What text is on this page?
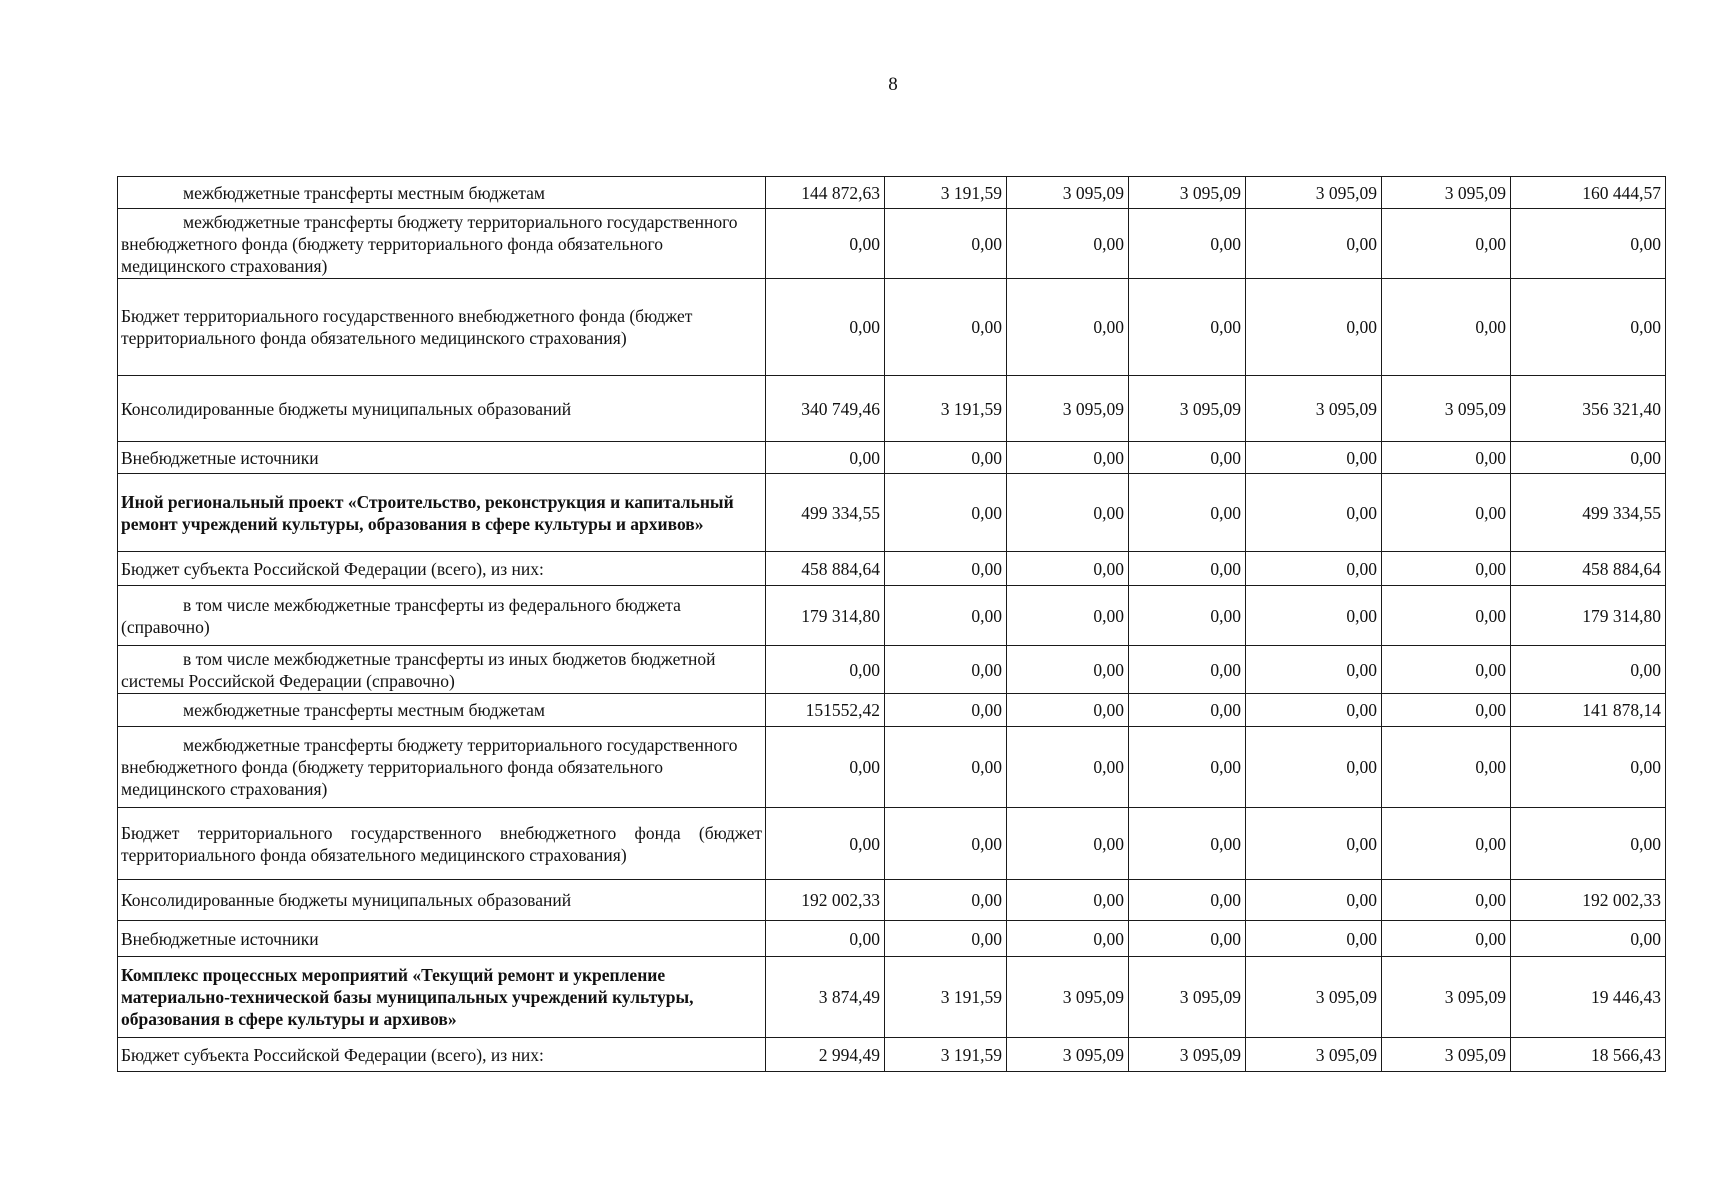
8
межбюджетные трансферты местным бюджетам	144 872,63	3 191,59	3 095,09	3 095,09	3 095,09	3 095,09	160 444,57
межбюджетные трансферты бюджету территориального государственного внебюджетного фонда (бюджету территориального фонда обязательного медицинского страхования)	0,00	0,00	0,00	0,00	0,00	0,00	0,00
Бюджет территориального государственного внебюджетного фонда (бюджет территориального фонда обязательного медицинского страхования)	0,00	0,00	0,00	0,00	0,00	0,00	0,00
Консолидированные бюджеты муниципальных образований	340 749,46	3 191,59	3 095,09	3 095,09	3 095,09	3 095,09	356 321,40
Внебюджетные источники	0,00	0,00	0,00	0,00	0,00	0,00	0,00
Иной региональный проект «Строительство, реконструкция и капитальный ремонт учреждений культуры, образования в сфере культуры и архивов»	499 334,55	0,00	0,00	0,00	0,00	0,00	499 334,55
Бюджет субъекта Российской Федерации (всего), из них:	458 884,64	0,00	0,00	0,00	0,00	0,00	458 884,64
в том числе межбюджетные трансферты из федерального бюджета (справочно)	179 314,80	0,00	0,00	0,00	0,00	0,00	179 314,80
в том числе межбюджетные трансферты из иных бюджетов бюджетной системы Российской Федерации (справочно)	0,00	0,00	0,00	0,00	0,00	0,00	0,00
межбюджетные трансферты местным бюджетам	151552,42	0,00	0,00	0,00	0,00	0,00	141 878,14
межбюджетные трансферты бюджету территориального государственного внебюджетного фонда (бюджету территориального фонда обязательного медицинского страхования)	0,00	0,00	0,00	0,00	0,00	0,00	0,00
Бюджет территориального государственного внебюджетного фонда (бюджет территориального фонда обязательного медицинского страхования)	0,00	0,00	0,00	0,00	0,00	0,00	0,00
Консолидированные бюджеты муниципальных образований	192 002,33	0,00	0,00	0,00	0,00	0,00	192 002,33
Внебюджетные источники	0,00	0,00	0,00	0,00	0,00	0,00	0,00
Комплекс процессных мероприятий «Текущий ремонт и укрепление материально-технической базы муниципальных учреждений культуры, образования в сфере культуры и архивов»	3 874,49	3 191,59	3 095,09	3 095,09	3 095,09	3 095,09	19 446,43
Бюджет субъекта Российской Федерации (всего), из них:	2 994,49	3 191,59	3 095,09	3 095,09	3 095,09	3 095,09	18 566,43
